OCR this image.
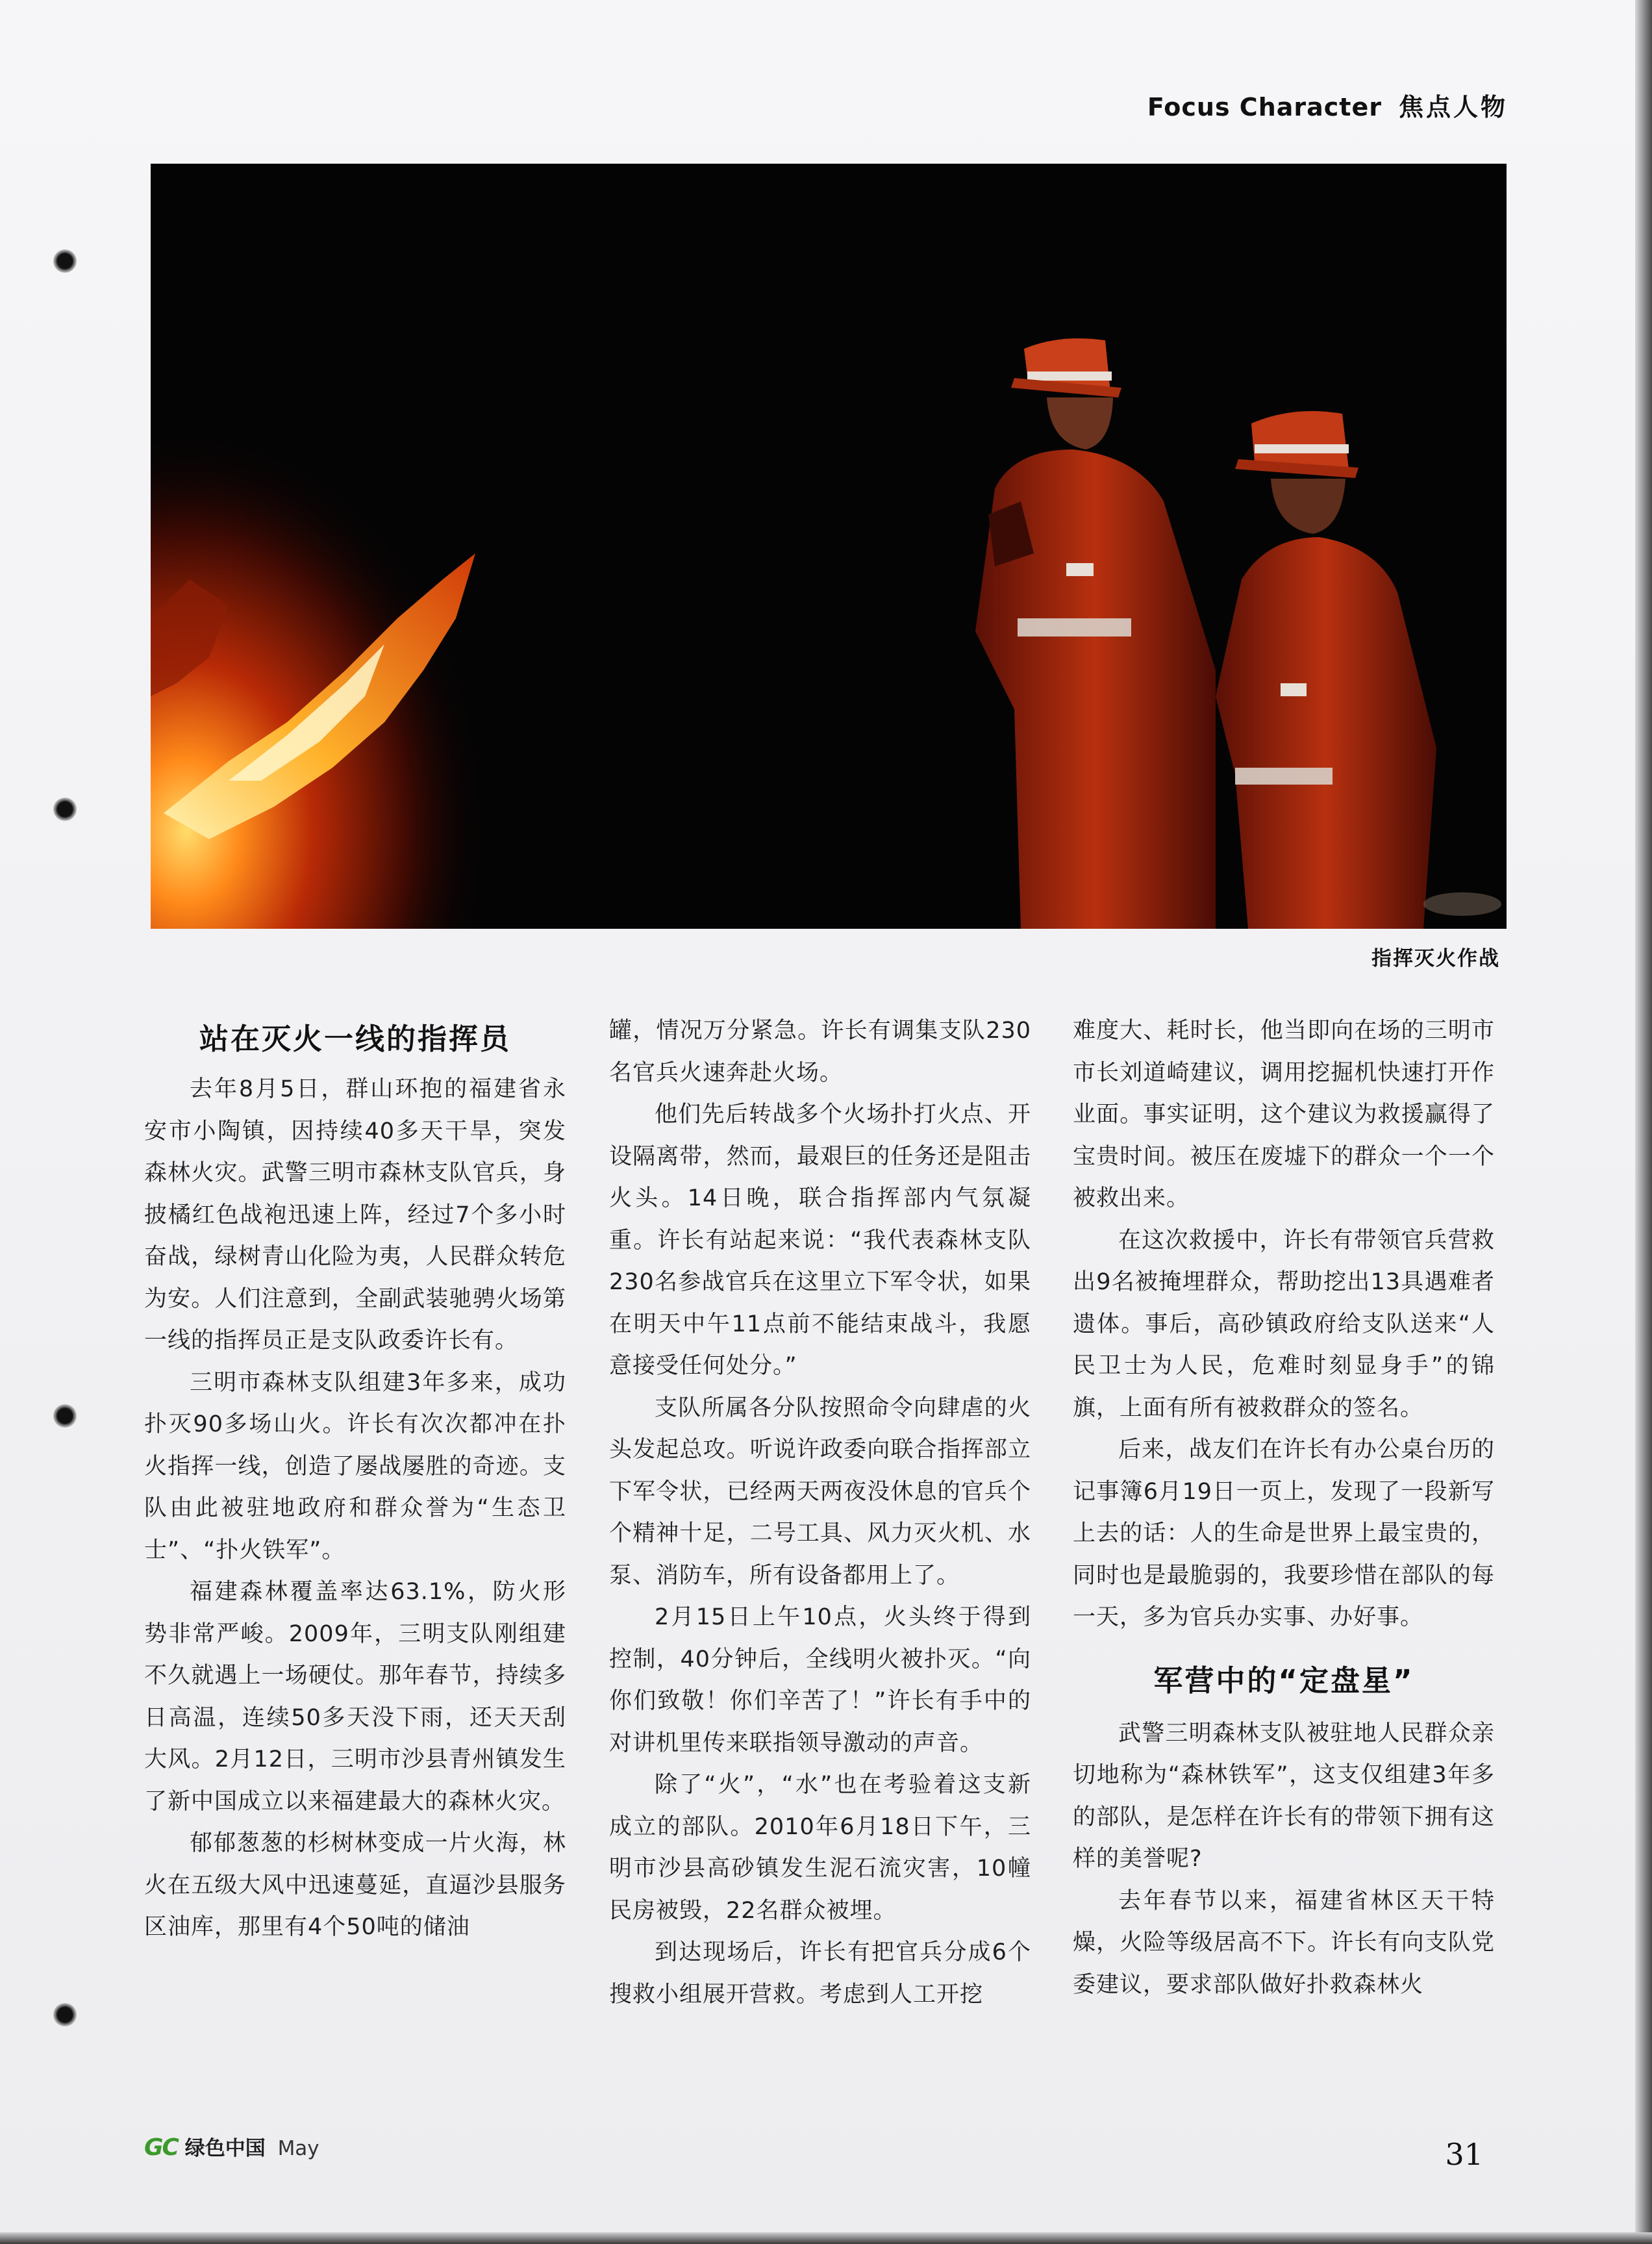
Focus Character 焦点人物
指挥灭火作战
站在灭火一线的指挥员

去年8月5日，群山环抱的福建省永安市小陶镇，因持续40多天干旱，突发森林火灾。武警三明市森林支队官兵，身披橘红色战袍迅速上阵，经过7个多小时奋战，绿树青山化险为夷，人民群众转危为安。人们注意到，全副武装驰骋火场第一线的指挥员正是支队政委许长有。

三明市森林支队组建3年多来，成功扑灭90多场山火。许长有次次都冲在扑火指挥一线，创造了屡战屡胜的奇迹。支队由此被驻地政府和群众誉为“生态卫士”、“扑火铁军”。

福建森林覆盖率达63.1%，防火形势非常严峻。2009年，三明支队刚组建不久就遇上一场硬仗。那年春节，持续多日高温，连续50多天没下雨，还天天刮大风。2月12日，三明市沙县青州镇发生了新中国成立以来福建最大的森林火灾。

郁郁葱葱的杉树林变成一片火海，林火在五级大风中迅速蔓延，直逼沙县服务区油库，那里有4个50吨的储油

罐，情况万分紧急。许长有调集支队230名官兵火速奔赴火场。

他们先后转战多个火场扑打火点、开设隔离带，然而，最艰巨的任务还是阻击火头。14日晚，联合指挥部内气氛凝重。许长有站起来说：“我代表森林支队230名参战官兵在这里立下军令状，如果在明天中午11点前不能结束战斗，我愿意接受任何处分。”

支队所属各分队按照命令向肆虐的火头发起总攻。听说许政委向联合指挥部立下军令状，已经两天两夜没休息的官兵个个精神十足，二号工具、风力灭火机、水泵、消防车，所有设备都用上了。

2月15日上午10点，火头终于得到控制，40分钟后，全线明火被扑灭。“向你们致敬！你们辛苦了！”许长有手中的对讲机里传来联指领导激动的声音。

除了“火”，“水”也在考验着这支新成立的部队。2010年6月18日下午，三明市沙县高砂镇发生泥石流灾害，10幢民房被毁，22名群众被埋。

到达现场后，许长有把官兵分成6个搜救小组展开营救。考虑到人工开挖

难度大、耗时长，他当即向在场的三明市市长刘道崎建议，调用挖掘机快速打开作业面。事实证明，这个建议为救援赢得了宝贵时间。被压在废墟下的群众一个一个被救出来。

在这次救援中，许长有带领官兵营救出9名被掩埋群众，帮助挖出13具遇难者遗体。事后，高砂镇政府给支队送来“人民卫士为人民，危难时刻显身手”的锦旗，上面有所有被救群众的签名。

后来，战友们在许长有办公桌台历的记事簿6月19日一页上，发现了一段新写上去的话：人的生命是世界上最宝贵的，同时也是最脆弱的，我要珍惜在部队的每一天，多为官兵办实事、办好事。

军营中的“定盘星”

武警三明森林支队被驻地人民群众亲切地称为“森林铁军”，这支仅组建3年多的部队，是怎样在许长有的带领下拥有这样的美誉呢?

去年春节以来，福建省林区天干特燥，火险等级居高不下。许长有向支队党委建议，要求部队做好扑救森林火

GC 绿色中国 May	31
